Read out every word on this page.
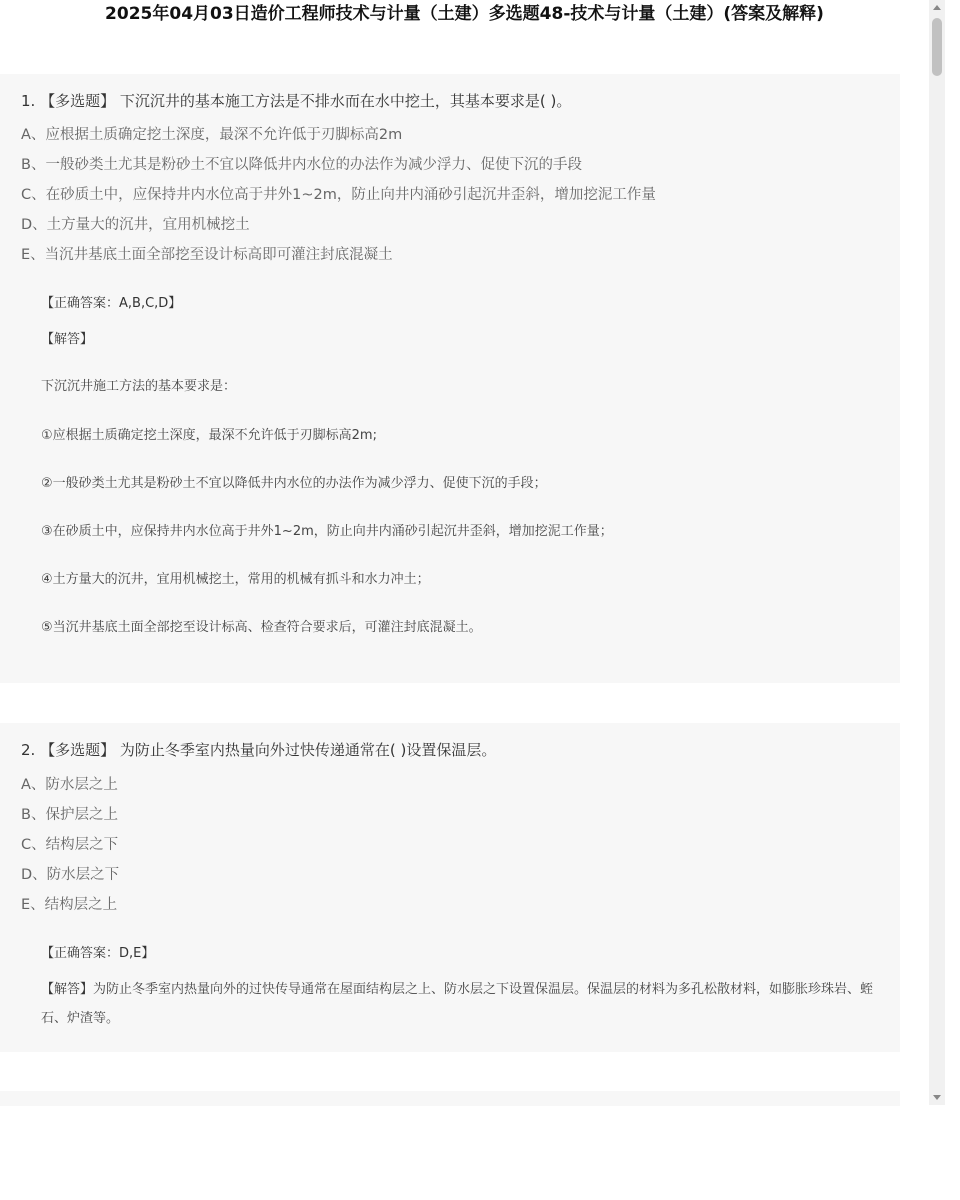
2025年04月03日造价工程师技术与计量（土建）多选题48-技术与计量（土建）(答案及解释)
1. 【多选题】 下沉沉井的基本施工方法是不排水而在水中挖土，其基本要求是( )。
A、应根据土质确定挖土深度，最深不允许低于刃脚标高2m
B、一般砂类土尤其是粉砂土不宜以降低井内水位的办法作为减少浮力、促使下沉的手段
C、在砂质土中，应保持井内水位高于井外1~2m，防止向井内涌砂引起沉井歪斜，增加挖泥工作量
D、土方量大的沉井，宜用机械挖土
E、当沉井基底土面全部挖至设计标高即可灌注封底混凝土
【正确答案：A,B,C,D】
【解答】
下沉沉井施工方法的基本要求是：
①应根据土质确定挖土深度，最深不允许低于刃脚标高2m;
②一般砂类土尤其是粉砂土不宜以降低井内水位的办法作为减少浮力、促使下沉的手段；
③在砂质土中，应保持井内水位高于井外1~2m，防止向井内涌砂引起沉井歪斜，增加挖泥工作量；
④土方量大的沉井，宜用机械挖土，常用的机械有抓斗和水力冲土；
⑤当沉井基底土面全部挖至设计标高、检查符合要求后，可灌注封底混凝土。
2. 【多选题】 为防止冬季室内热量向外过快传递通常在( )设置保温层。
A、防水层之上
B、保护层之上
C、结构层之下
D、防水层之下
E、结构层之上
【正确答案：D,E】
【解答】为防止冬季室内热量向外的过快传导通常在屋面结构层之上、防水层之下设置保温层。保温层的材料为多孔松散材料，如膨胀珍珠岩、蛭石、炉渣等。
